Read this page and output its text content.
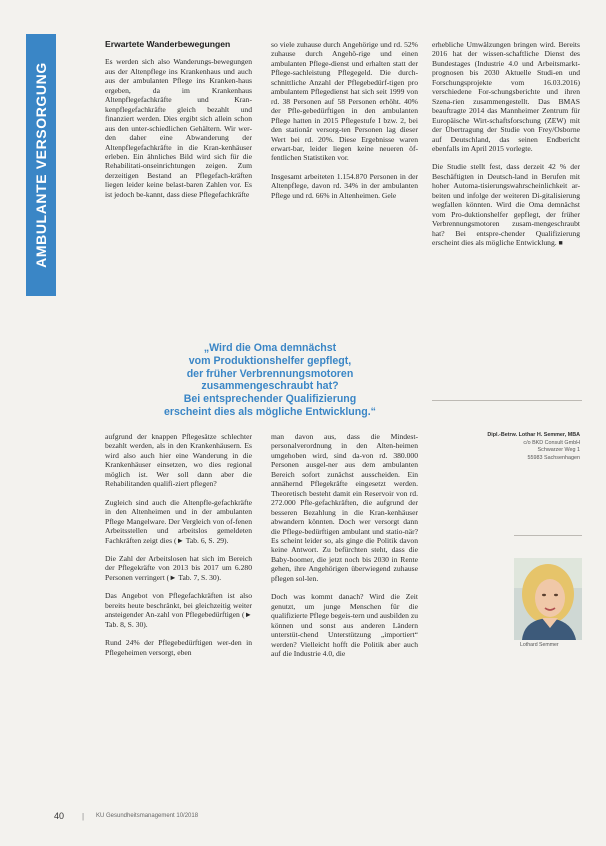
AMBULANTE VERSORGUNG
Erwartete Wanderbewegungen

Es werden sich also Wanderungs-bewegungen aus der Altenpflege ins Krankenhaus und auch aus der ambulanten Pflege ins Kranken-haus ergeben, da im Krankenhaus Altenpflegefachkräfte und Kran-kenpflegefachkräfte gleich bezahlt und finanziert werden. Dies ergibt sich allein schon aus den unter-schiedlichen Gehältern. Wir wer-den daher eine Abwanderung der Altenpflegefachkräfte in die Kran-kenhäuser erleben. Ein ähnliches Bild wird sich für die Rehabilitati-onseinrichtungen zeigen. Zum derzeitigen Bestand an Pflegefach-kräften liegen leider keine belast-baren Zahlen vor. Es ist jedoch be-kannt, dass diese Pflegefachkräfte

so viele zuhause durch Angehörige und rd. 52% zuhause durch Angehö-rige und einen ambulanten Pflege-dienst und erhalten statt der Pflege-sachleistung Pflegegeld. Die durch-schnittliche Anzahl der Pflegebedürf-tigen pro ambulantem Pflegedienst hat sich seit 1999 von rd. 38 Personen auf 58 Personen erhöht. 40% der Pfle-gebedürftigen in den ambulanten Pflege hatten in 2015 Pflegestufe I bzw. 2, bei den stationär versorg-ten Personen lag dieser Wert bei rd. 20%. Diese Ergebnisse waren erwart-bar, leider liegen keine neueren öf-fentlichen Statistiken vor.

Insgesamt arbeiteten 1.154.870 Personen in der Altenpflege, davon rd. 34% in der ambulanten Pflege und rd. 66% in Altenheimen. Gele

erhebliche Umwälzungen bringen wird. Bereits 2016 hat der wissen-schaftliche Dienst des Bundestages (Industrie 4.0 und Arbeitsmarkt-prognosen bis 2030 Aktuelle Studi-en und Forschungsprojekte vom 16.03.2016) verschiedene For-schungsberichte und ihren Szena-rien zusammengestellt. Das BMAS beauftragte 2014 das Mannheimer Zentrum für Europäische Wirt-schaftsforschung (ZEW) mit der Übertragung der Studie von Frey/Osborne auf Deutschland, das seinen Endbericht ebenfalls im April 2015 vorlegte.

Die Studie stellt fest, dass derzeit 42 % der Beschäftigten in Deutsch-land in Berufen mit hoher Automa-tisierungswahrscheinlichkeit ar-beiten und infolge der weiteren Di-gitalisierung wegfallen könnten. Wird die Oma demnächst vom Pro-duktionshelfer gepflegt, der früher Verbrennungsmotoren zusam-mengeschraubt hat? Bei entspre-chender Qualifizierung erscheint dies als mögliche Entwicklung. ■

„Wird die Oma demnächst
vom Produktionshelfer gepflegt,
der früher Verbrennungsmotoren
zusammengeschraubt hat?
Bei entsprechender Qualifizierung
erscheint dies als mögliche Entwicklung.“

aufgrund der knappen Pflegesätze schlechter bezahlt werden, als in den Krankenhäusern. Es wird also auch hier eine Wanderung in die Krankenhäuser einsetzen, wo dies regional möglich ist. Wer soll dann aber die Rehabilitanden qualifi-ziert pflegen?

Zugleich sind auch die Altenpfle-gefachkräfte in den Altenheimen und in der ambulanten Pflege Mangelware. Der Vergleich von of-fenen Arbeitsstellen und arbeitslos gemeldeten Fachkräften zeigt dies (► Tab. 6, S. 29).

Die Zahl der Arbeitslosen hat sich im Bereich der Pflegekräfte von 2013 bis 2017 um 6.280 Personen verringert (► Tab. 7, S. 30).

Das Angebot von Pflegefachkräften ist also bereits heute beschränkt, bei gleichzeitig weiter ansteigender An-zahl von Pflegebedürftigen (► Tab. 8, S. 30).

Rund 24% der Pflegebedürftigen wer-den in Pflegeheimen versorgt, eben

man davon aus, dass die Mindest-personalverordnung in den Alten-heimen umgehoben wird, sind da-von rd. 380.000 Personen ausgel-ner aus dem ambulanten Bereich sofort zunächst ausscheiden. Ein annähernd Pflegekräfte eingesetzt werden. Theoretisch besteht damit ein Reservoir von rd. 272.000 Pfle-gefachkräften, die aufgrund der besseren Bezahlung in die Kran-kenhäuser abwandern könnten. Doch wer versorgt dann die Pflege-bedürftigen ambulant und statio-när? Es scheint leider so, als ginge die Politik davon keine Antwort. Zu befürchten steht, dass die Baby-boomer, die jetzt noch bis 2030 in Rente gehen, ihre Angehörigen überwiegend zuhause pflegen sol-len.

Doch was kommt danach? Wird die Zeit genutzt, um junge Menschen für die qualifizierte Pflege begeis-tern und ausbilden zu können und sonst aus anderen Ländern unterstüt-chend Unterstützung „importiert“ werden? Vielleicht hofft die Politik aber auch auf die Industrie 4.0, die

Dipl.-Betrw. Lothar H. Semmer, MBA
c/o BKD Consult GmbH
Schwarzer Weg 1
55983 Sachsenhagen
Lothard Semmer
40 | KU Gesundheitsmanagement 10/2018
